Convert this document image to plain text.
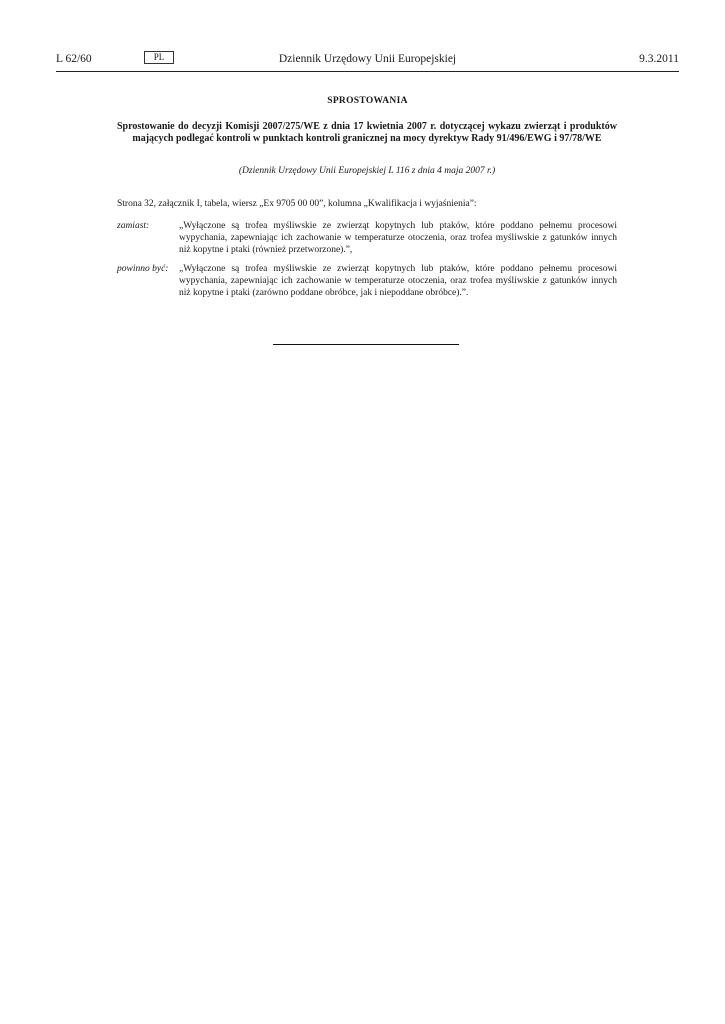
L 62/60	PL	Dziennik Urzędowy Unii Europejskiej	9.3.2011
SPROSTOWANIA
Sprostowanie do decyzji Komisji 2007/275/WE z dnia 17 kwietnia 2007 r. dotyczącej wykazu zwierząt i produktów mających podlegać kontroli w punktach kontroli granicznej na mocy dyrektyw Rady 91/496/EWG i 97/78/WE
(Dziennik Urzędowy Unii Europejskiej L 116 z dnia 4 maja 2007 r.)
Strona 32, załącznik I, tabela, wiersz „Ex 9705 00 00”, kolumna „Kwalifikacja i wyjaśnienia”:
zamiast:	„Wyłączone są trofea myśliwskie ze zwierząt kopytnych lub ptaków, które poddano pełnemu procesowi wypychania, zapewniając ich zachowanie w temperaturze otoczenia, oraz trofea myśliwskie z gatunków innych niż kopytne i ptaki (również przetworzone).”,
powinno być: „Wyłączone są trofea myśliwskie ze zwierząt kopytnych lub ptaków, które poddano pełnemu procesowi wypychania, zapewniając ich zachowanie w temperaturze otoczenia, oraz trofea myśliwskie z gatunków innych niż kopytne i ptaki (zarówno poddane obróbce, jak i niepoddane obróbce).”.
